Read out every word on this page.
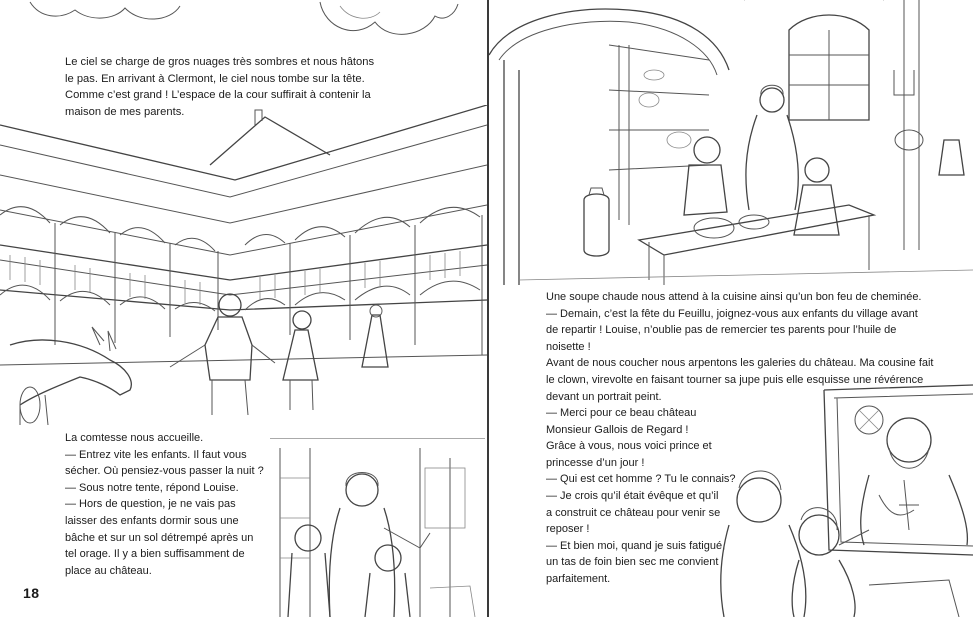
Le ciel se charge de gros nuages très sombres et nous hâtons

le pas. En arrivant à Clermont, le ciel nous tombe sur la tête.

Comme c’est grand ! L’espace de la cour suffirait à contenir la

maison de mes parents.

La comtesse nous accueille.

— Entrez vite les enfants. Il faut vous

sécher. Où pensiez-vous passer la nuit ?

— Sous notre tente, répond Louise.

— Hors de question, je ne vais pas

laisser des enfants dormir sous une

bâche et sur un sol détrempé après un

tel orage. Il y a bien suffisamment de

place au château.

18

Une soupe chaude nous attend à la cuisine ainsi qu’un bon feu de cheminée.

— Demain, c’est la fête du Feuillu, joignez-vous aux enfants du village avant

de repartir ! Louise, n’oublie pas de remercier tes parents pour l’huile de

noisette !

Avant de nous coucher nous arpentons les galeries du château. Ma cousine fait

le clown, virevolte en faisant tourner sa jupe puis elle esquisse une révérence

devant un portrait peint.

— Merci pour ce beau château

Monsieur Gallois de Regard !

Grâce à vous, nous voici prince et

princesse d’un jour !

— Qui est cet homme ? Tu le connais?

— Je crois qu’il était évêque et qu’il

a construit ce château pour venir se

reposer !

— Et bien moi, quand je suis fatigué,

un tas de foin bien sec me convient

parfaitement.
